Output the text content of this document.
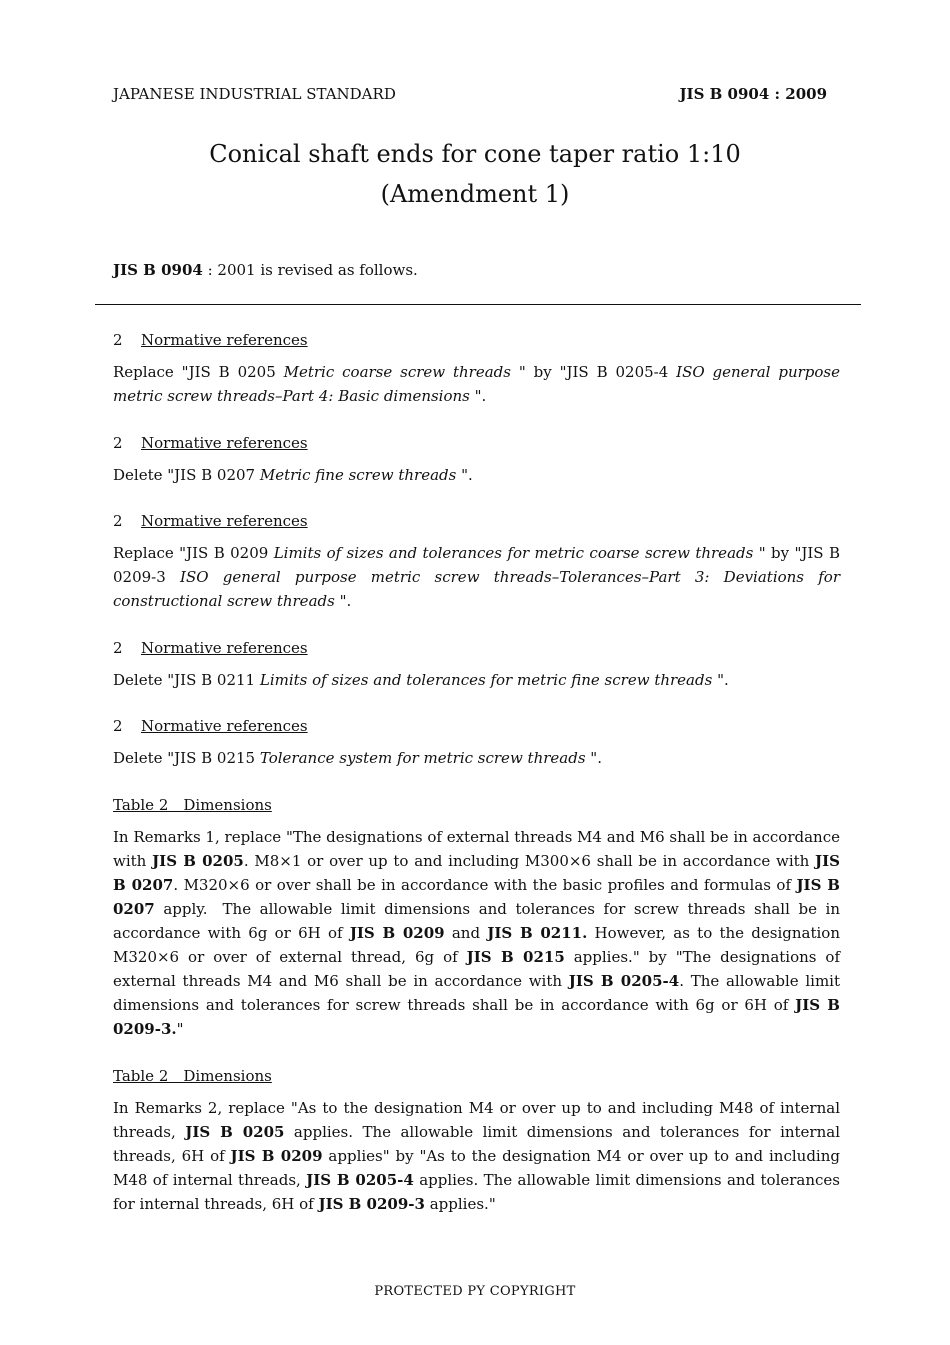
JAPANESE INDUSTRIAL STANDARD	JIS B 0904 : 2009
Conical shaft ends for cone taper ratio 1:10
(Amendment 1)
JIS B 0904 : 2001 is revised as follows.

2 Normative references

Replace "JIS B 0205 Metric coarse screw threads " by "JIS B 0205-4 ISO general purpose metric screw threads–Part 4: Basic dimensions ".

2 Normative references

Delete "JIS B 0207 Metric fine screw threads ".

2 Normative references

Replace "JIS B 0209 Limits of sizes and tolerances for metric coarse screw threads " by "JIS B 0209-3 ISO general purpose metric screw threads–Tolerances–Part 3: Deviations for constructional screw threads ".

2 Normative references

Delete "JIS B 0211 Limits of sizes and tolerances for metric fine screw threads ".

2 Normative references

Delete "JIS B 0215 Tolerance system for metric screw threads ".

Table 2 Dimensions

In Remarks 1, replace "The designations of external threads M4 and M6 shall be in accordance with JIS B 0205. M8×1 or over up to and including M300×6 shall be in accordance with JIS B 0207. M320×6 or over shall be in accordance with the basic profiles and formulas of JIS B 0207 apply. The allowable limit dimensions and tolerances for screw threads shall be in accordance with 6g or 6H of JIS B 0209 and JIS B 0211. However, as to the designation M320×6 or over of external thread, 6g of JIS B 0215 applies." by "The designations of external threads M4 and M6 shall be in accordance with JIS B 0205-4. The allowable limit dimensions and tolerances for screw threads shall be in accordance with 6g or 6H of JIS B 0209-3."

Table 2 Dimensions

In Remarks 2, replace "As to the designation M4 or over up to and including M48 of internal threads, JIS B 0205 applies. The allowable limit dimensions and tolerances for internal threads, 6H of JIS B 0209 applies" by "As to the designation M4 or over up to and including M48 of internal threads, JIS B 0205-4 applies. The allowable limit dimensions and tolerances for internal threads, 6H of JIS B 0209-3 applies."

PROTECTED PY COPYRIGHT
